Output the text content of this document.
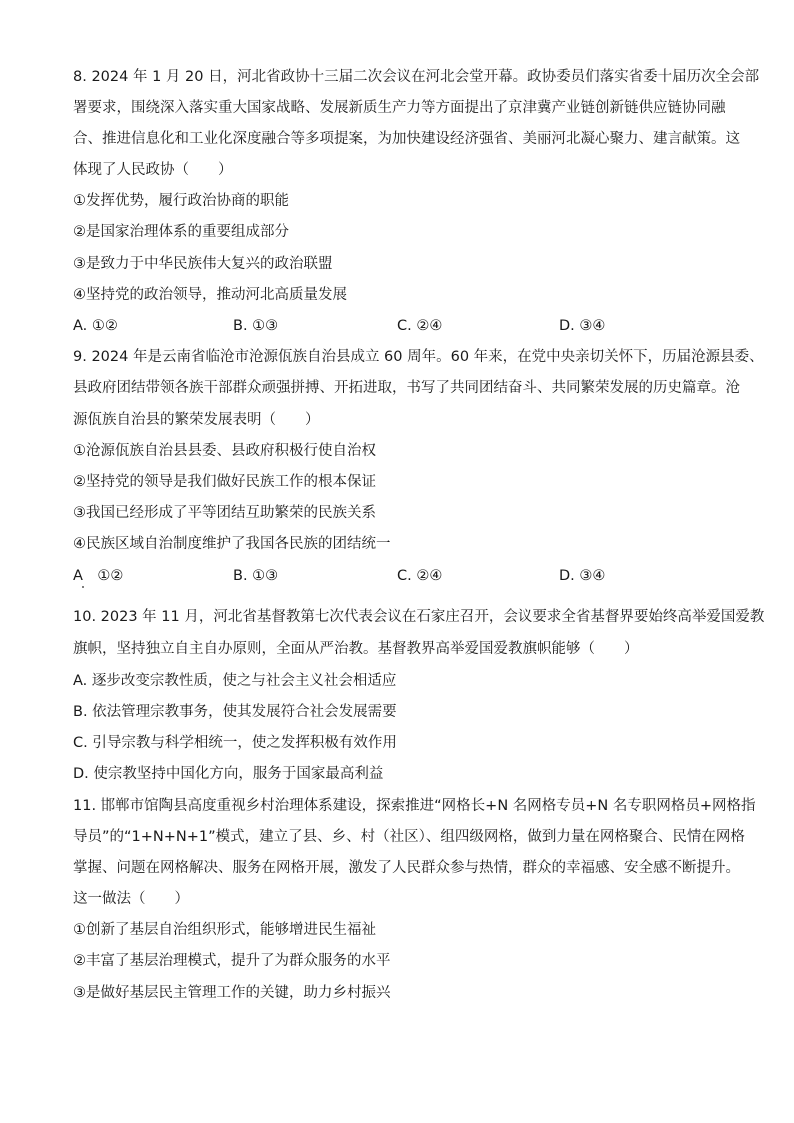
8. 2024 年 1 月 20 日，河北省政协十三届二次会议在河北会堂开幕。政协委员们落实省委十届历次全会部
署要求，围绕深入落实重大国家战略、发展新质生产力等方面提出了京津冀产业链创新链供应链协同融
合、推进信息化和工业化深度融合等多项提案，为加快建设经济强省、美丽河北凝心聚力、建言献策。这
体现了人民政协（　　）
①发挥优势，履行政治协商的职能
②是国家治理体系的重要组成部分
③是致力于中华民族伟大复兴的政治联盟
④坚持党的政治领导，推动河北高质量发展
A. ①②	B. ①③	C. ②④	D. ③④
9. 2024 年是云南省临沧市沧源佤族自治县成立 60 周年。60 年来，在党中央亲切关怀下，历届沧源县委、
县政府团结带领各族干部群众顽强拼搏、开拓进取，书写了共同团结奋斗、共同繁荣发展的历史篇章。沧
源佤族自治县的繁荣发展表明（　　）
①沧源佤族自治县县委、县政府积极行使自治权
②坚持党的领导是我们做好民族工作的根本保证
③我国已经形成了平等团结互助繁荣的民族关系
④民族区域自治制度维护了我国各民族的团结统一
A　①②	B. ①③	C. ②④	D. ③④
10. 2023 年 11 月，河北省基督教第七次代表会议在石家庄召开，会议要求全省基督界要始终高举爱国爱教
旗帜，坚持独立自主自办原则，全面从严治教。基督教界高举爱国爱教旗帜能够（　　）
A. 逐步改变宗教性质，使之与社会主义社会相适应
B. 依法管理宗教事务，使其发展符合社会发展需要
C. 引导宗教与科学相统一，使之发挥积极有效作用
D. 使宗教坚持中国化方向，服务于国家最高利益
11. 邯郸市馆陶县高度重视乡村治理体系建设，探索推进“网格长+N 名网格专员+N 名专职网格员+网格指
导员”的“1+N+N+1”模式，建立了县、乡、村（社区）、组四级网格，做到力量在网格聚合、民情在网格
掌握、问题在网格解决、服务在网格开展，激发了人民群众参与热情，群众的幸福感、安全感不断提升。
这一做法（　　）
①创新了基层自治组织形式，能够增进民生福祉
②丰富了基层治理模式，提升了为群众服务的水平
③是做好基层民主管理工作的关键，助力乡村振兴
